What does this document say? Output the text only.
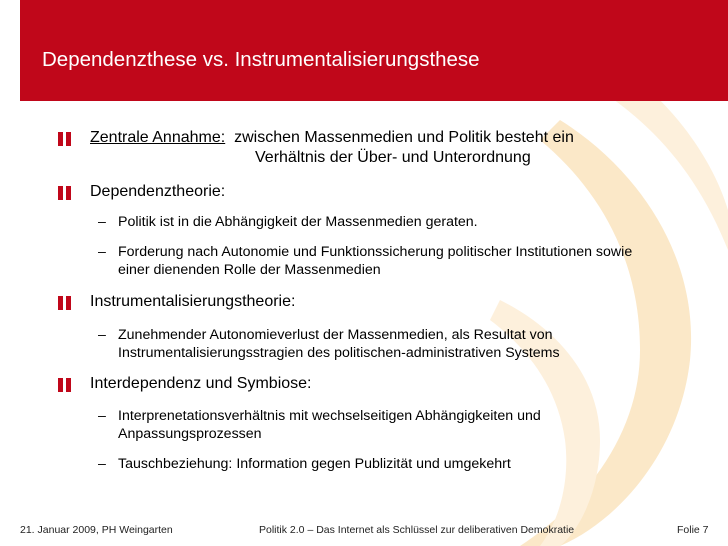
Dependenzthese vs. Instrumentalisierungsthese
Zentrale Annahme: zwischen Massenmedien und Politik besteht ein
Verhältnis der Über- und Unterordnung
Dependenztheorie:
– Politik ist in die Abhängigkeit der Massenmedien geraten.
– Forderung nach Autonomie und Funktionssicherung politischer Institutionen sowie
einer dienenden Rolle der Massenmedien
Instrumentalisierungstheorie:
– Zunehmender Autonomieverlust der Massenmedien, als Resultat von
Instrumentalisierungsstragien des politischen-administrativen Systems
Interdependenz und Symbiose:
– Interprenetationsverhältnis mit wechselseitigen Abhängigkeiten und
Anpassungsprozessen
– Tauschbeziehung: Information gegen Publizität und umgekehrt
21. Januar 2009, PH Weingarten	Politik 2.0 – Das Internet als Schlüssel zur deliberativen Demokratie	Folie 7
